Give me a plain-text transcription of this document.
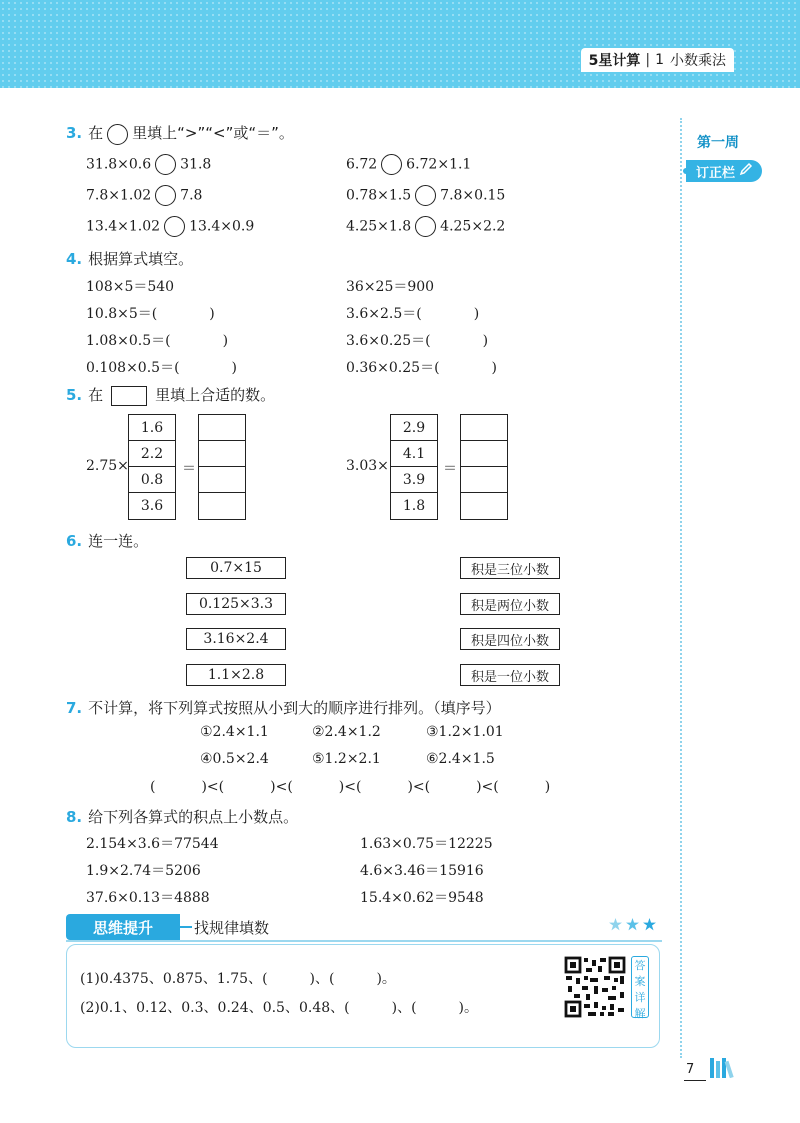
5星计算 | 1 小数乘法
第一周
订正栏
3. 在 里填上“>”“<”或“＝”。
31.8×0.6 31.8	6.72 6.72×1.1
7.8×1.02 7.8	0.78×1.5 7.8×0.15
13.4×1.02 13.4×0.9	4.25×1.8 4.25×2.2
4. 根据算式填空。
108×5＝540	36×25＝900
10.8×5＝(	)	3.6×2.5＝(	)
1.08×0.5＝(	)	3.6×0.25＝(	)
0.108×0.5＝(	)	0.36×0.25＝(	)
5. 在	里填上合适的数。
2.75×
1.6
2.2
0.8
3.6
＝	3.03×
2.9
4.1
3.9
1.8
＝
6. 连一连。
0.7×15
0.125×3.3
3.16×2.4
1.1×2.8
积是三位小数
积是两位小数
积是四位小数
积是一位小数
7. 不计算，将下列算式按照从小到大的顺序进行排列。（填序号）
①2.4×1.1	②2.4×1.2	③1.2×1.01
④0.5×2.4	⑤1.2×2.1	⑥2.4×1.5
(	)<(	)<(	)<(	)<(	)<(	)
8. 给下列各算式的积点上小数点。
2.154×3.6＝77544	1.63×0.75＝12225
1.9×2.74＝5206	4.6×3.46＝15916
37.6×0.13＝4888	15.4×0.62＝9548
思维提升	找规律填数
(1)0.4375、0.875、1.75、(　　　)、(　　　)。
(2)0.1、0.12、0.3、0.24、0.5、0.48、(　　　)、(　　　)。
答
案
详
解
7
